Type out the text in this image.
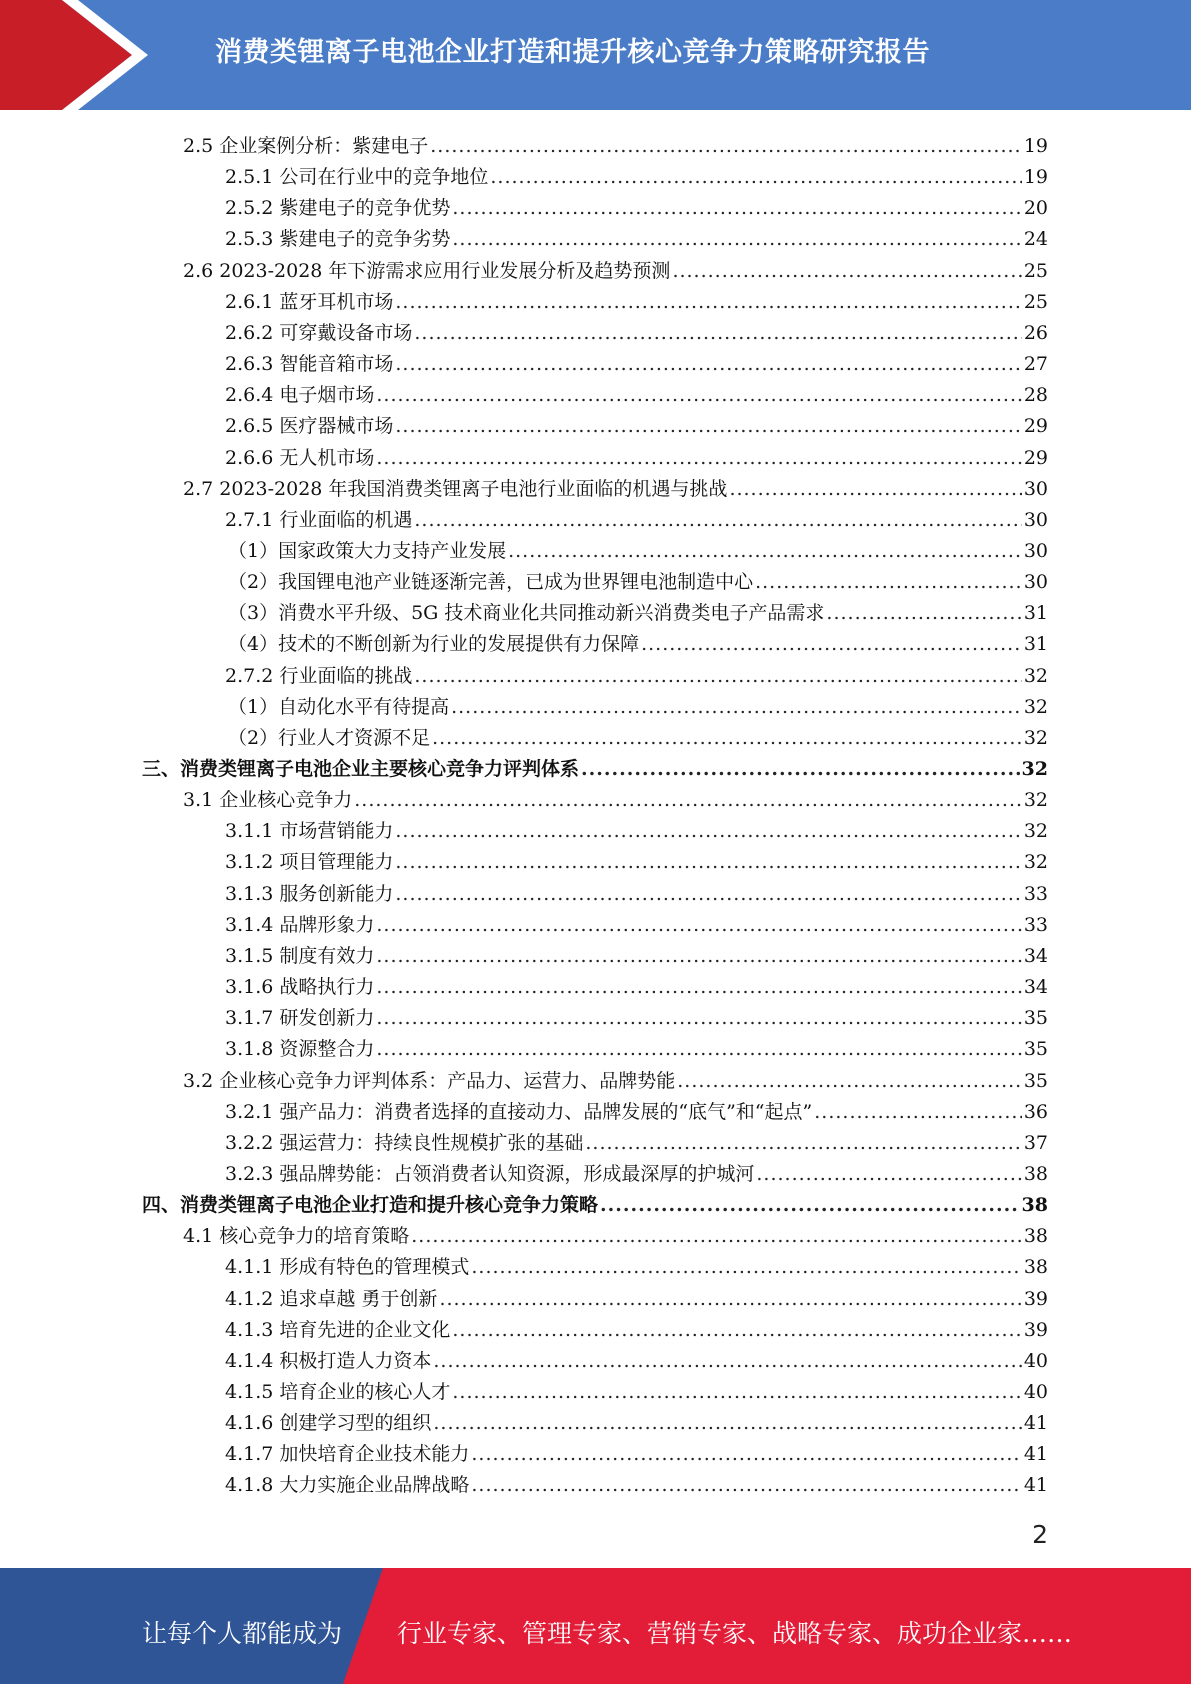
消费类锂离子电池企业打造和提升核心竞争力策略研究报告
2.5 企业案例分析：紫建电子 .....	19
2.5.1 公司在行业中的竞争地位 .....	19
2.5.2 紫建电子的竞争优势 .....	20
2.5.3 紫建电子的竞争劣势 .....	24
2.6 2023-2028 年下游需求应用行业发展分析及趋势预测 .....	25
2.6.1 蓝牙耳机市场 .....	25
2.6.2 可穿戴设备市场 .....	26
2.6.3 智能音箱市场 .....	27
2.6.4 电子烟市场 .....	28
2.6.5 医疗器械市场 .....	29
2.6.6 无人机市场 .....	29
2.7 2023-2028 年我国消费类锂离子电池行业面临的机遇与挑战 .....	30
2.7.1 行业面临的机遇 .....	30
（1）国家政策大力支持产业发展 .....	30
（2）我国锂电池产业链逐渐完善，已成为世界锂电池制造中心 .....	30
（3）消费水平升级、5G 技术商业化共同推动新兴消费类电子产品需求 .....	31
（4）技术的不断创新为行业的发展提供有力保障 .....	31
2.7.2 行业面临的挑战 .....	32
（1）自动化水平有待提高 .....	32
（2）行业人才资源不足 .....	32
三、消费类锂离子电池企业主要核心竞争力评判体系 .....	32
3.1 企业核心竞争力 .....	32
3.1.1 市场营销能力 .....	32
3.1.2 项目管理能力 .....	32
3.1.3 服务创新能力 .....	33
3.1.4 品牌形象力 .....	33
3.1.5 制度有效力 .....	34
3.1.6 战略执行力 .....	34
3.1.7 研发创新力 .....	35
3.1.8 资源整合力 .....	35
3.2 企业核心竞争力评判体系：产品力、运营力、品牌势能 .....	35
3.2.1 强产品力：消费者选择的直接动力、品牌发展的“底气”和“起点” .....	36
3.2.2 强运营力：持续良性规模扩张的基础 .....	37
3.2.3 强品牌势能：占领消费者认知资源，形成最深厚的护城河 .....	38
四、消费类锂离子电池企业打造和提升核心竞争力策略 .....	38
4.1 核心竞争力的培育策略 .....	38
4.1.1 形成有特色的管理模式 .....	38
4.1.2 追求卓越 勇于创新 .....	39
4.1.3 培育先进的企业文化 .....	39
4.1.4 积极打造人力资本 .....	40
4.1.5 培育企业的核心人才 .....	40
4.1.6 创建学习型的组织 .....	41
4.1.7 加快培育企业技术能力 .....	41
4.1.8 大力实施企业品牌战略 .....	41
2
让每个人都能成为 行业专家、管理专家、营销专家、战略专家、成功企业家……
